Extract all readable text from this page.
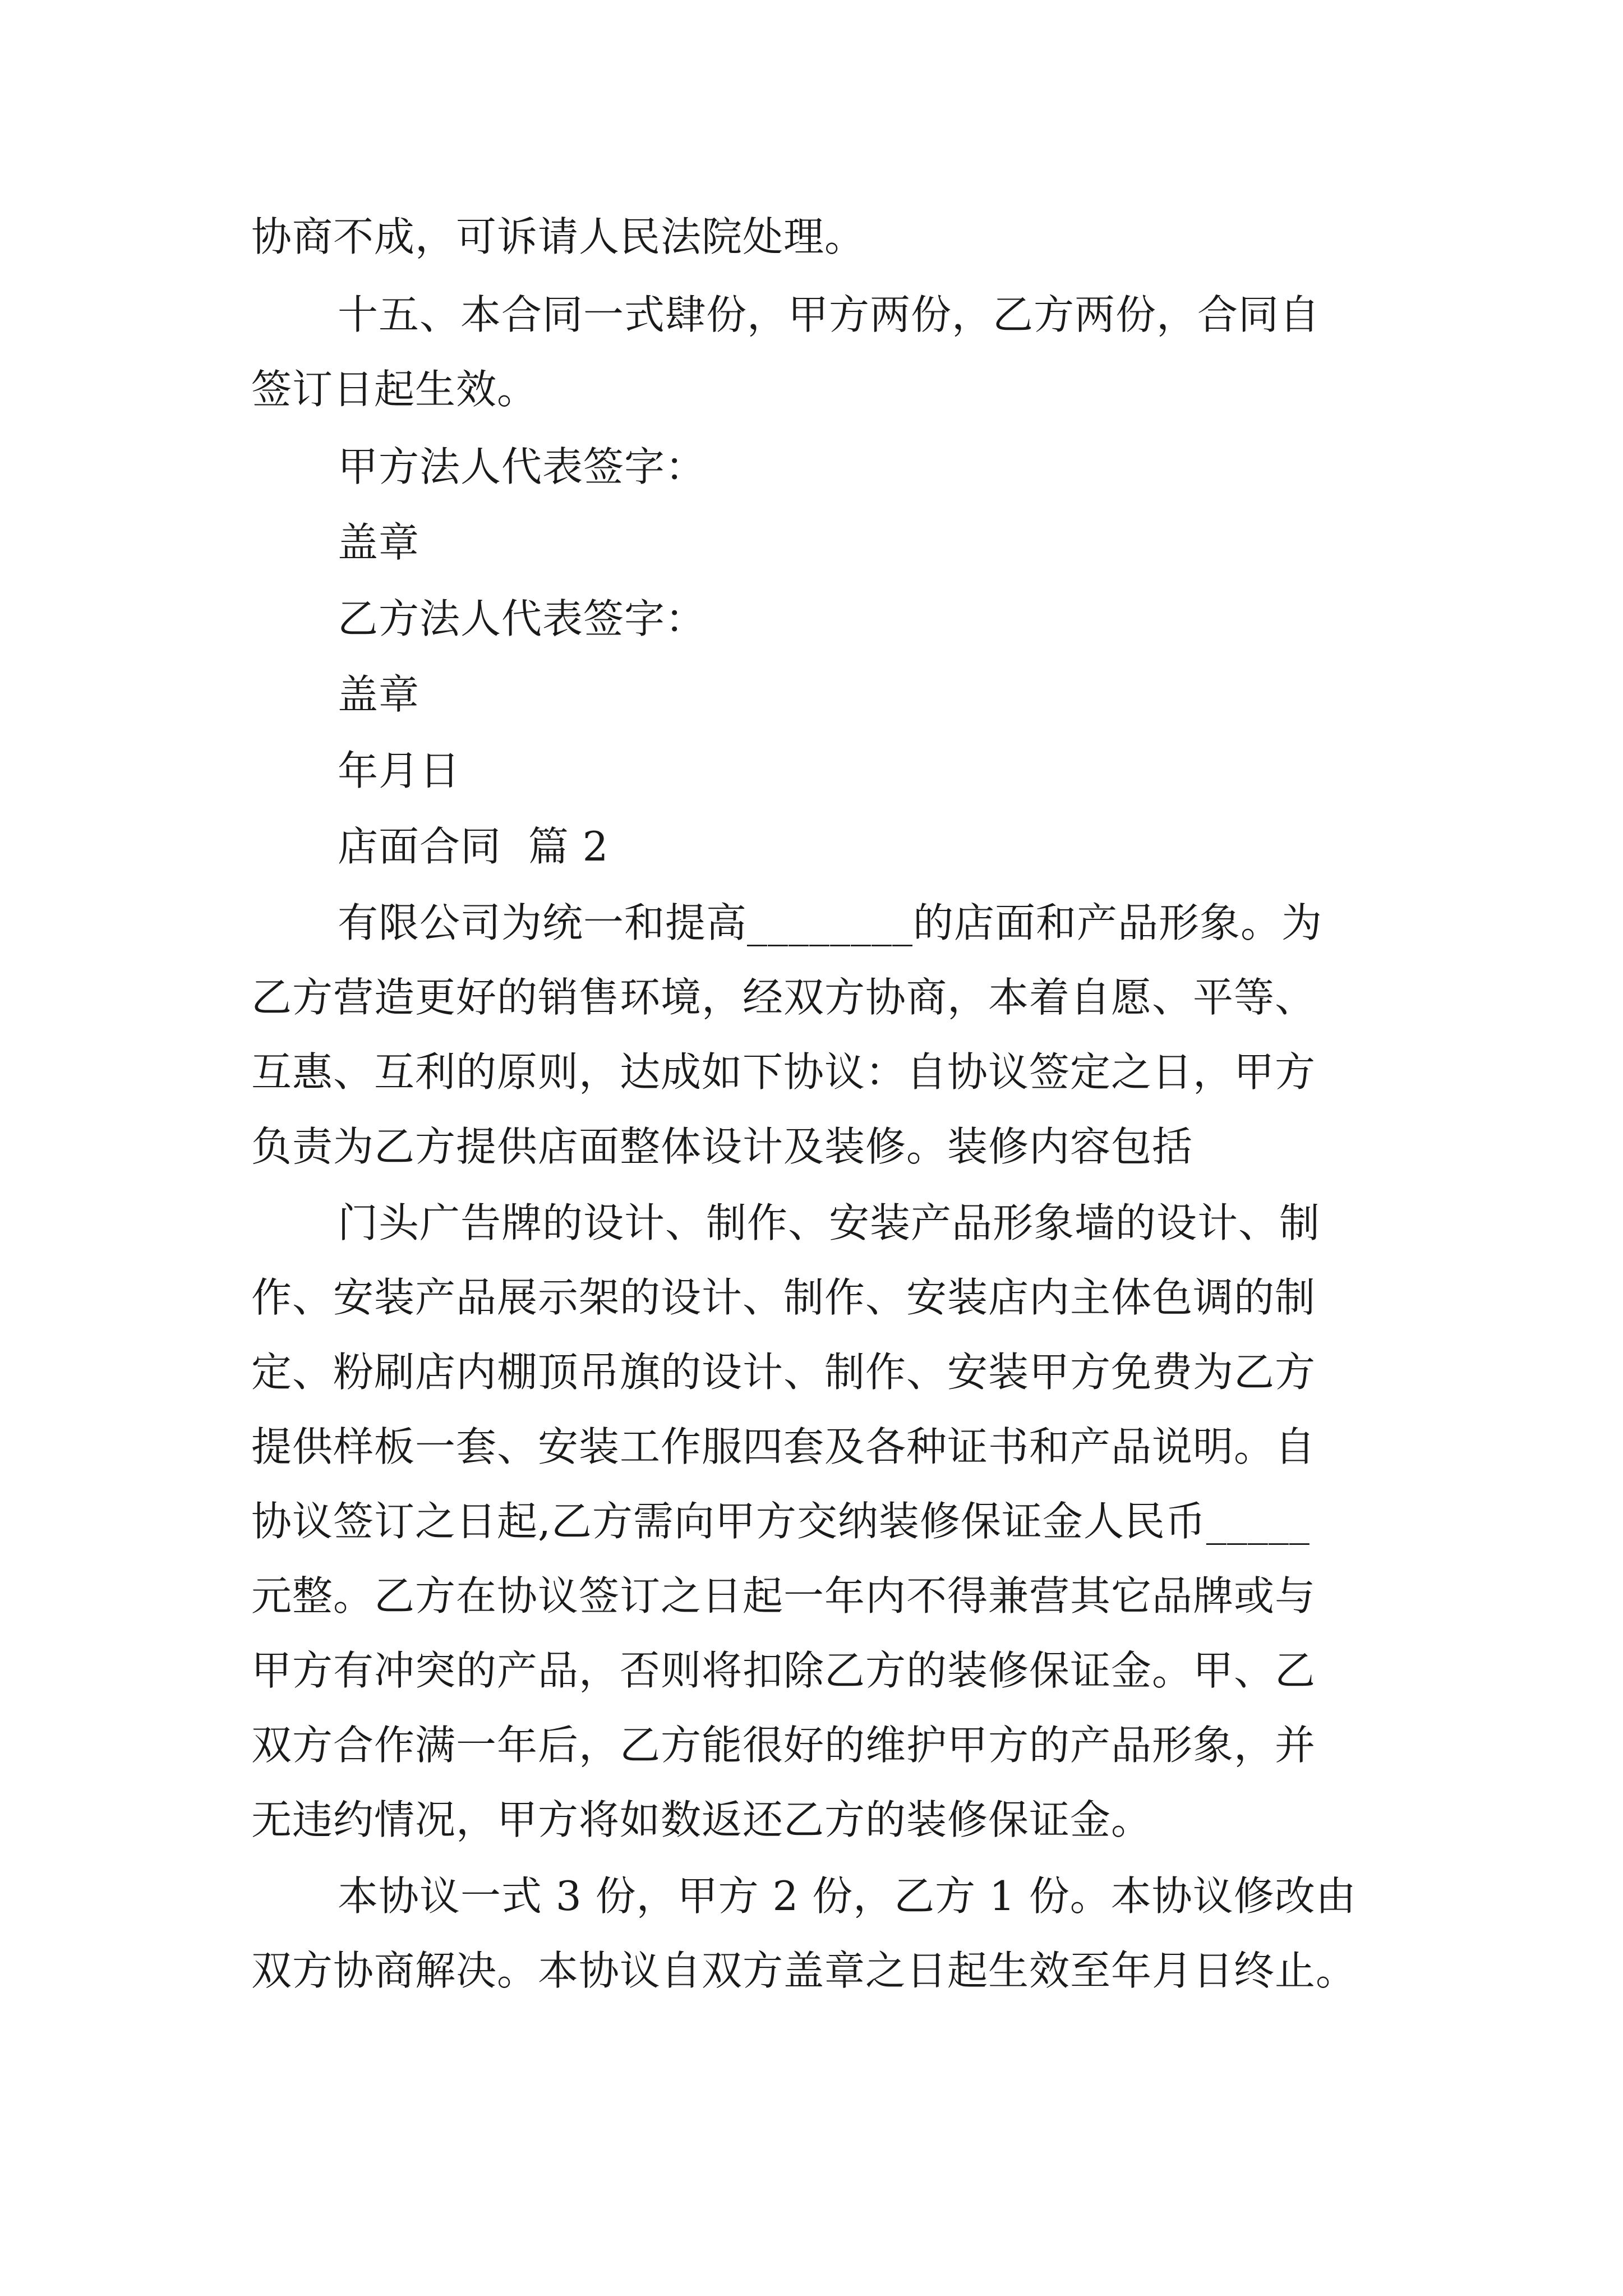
协商不成，可诉请人民法院处理。
十五、本合同一式肆份，甲方两份，乙方两份，合同自
签订日起生效。
甲方法人代表签字：
盖章
乙方法人代表签字：
盖章
年月日
店面合同  篇 2
有限公司为统一和提高________的店面和产品形象。为
乙方营造更好的销售环境，经双方协商，本着自愿、平等、
互惠、互利的原则，达成如下协议：自协议签定之日，甲方
负责为乙方提供店面整体设计及装修。装修内容包括
门头广告牌的设计、制作、安装产品形象墙的设计、制
作、安装产品展示架的设计、制作、安装店内主体色调的制
定、粉刷店内棚顶吊旗的设计、制作、安装甲方免费为乙方
提供样板一套、安装工作服四套及各种证书和产品说明。自
协议签订之日起,乙方需向甲方交纳装修保证金人民币_____
元整。乙方在协议签订之日起一年内不得兼营其它品牌或与
甲方有冲突的产品，否则将扣除乙方的装修保证金。甲、乙
双方合作满一年后，乙方能很好的维护甲方的产品形象，并
无违约情况，甲方将如数返还乙方的装修保证金。
本协议一式 3 份，甲方 2 份，乙方 1 份。本协议修改由
双方协商解决。本协议自双方盖章之日起生效至年月日终止。
